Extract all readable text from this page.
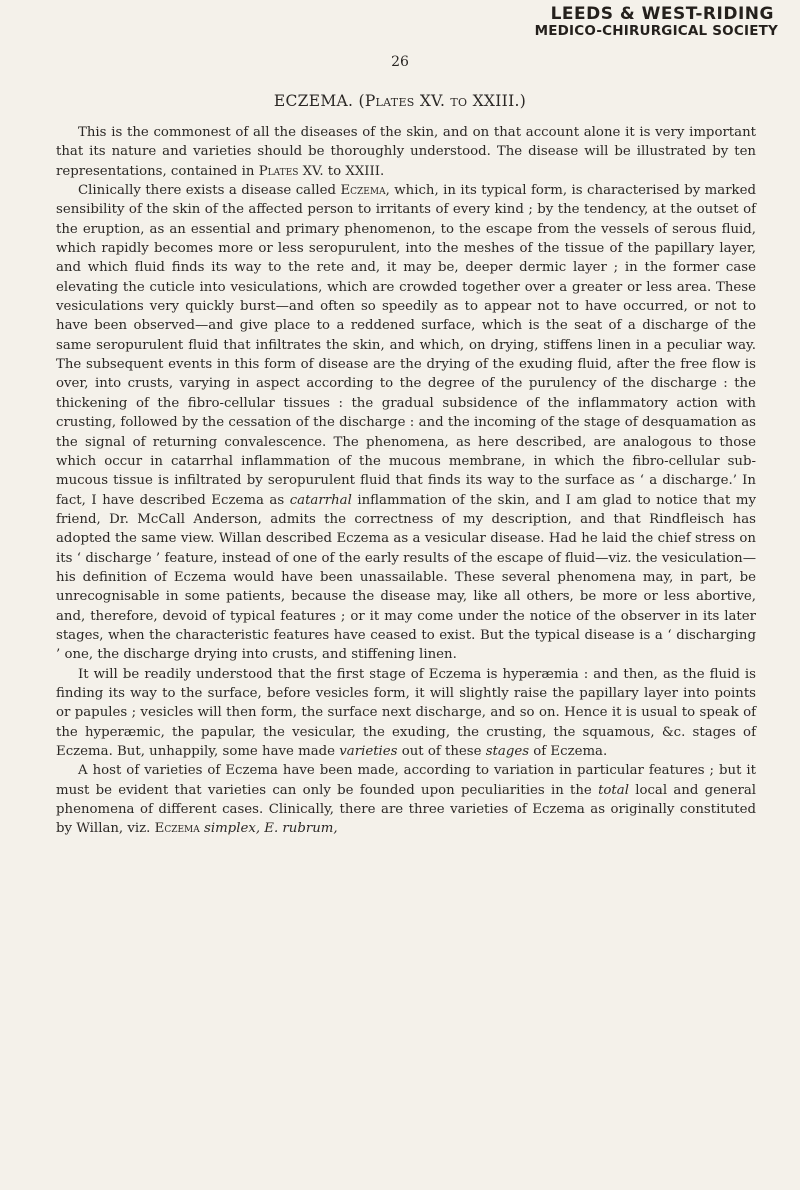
LEEDS & WEST-RIDING
MEDICO-CHIRURGICAL SOCIETY
26
ECZEMA. (Plates XV. to XXIII.)

This is the commonest of all the diseases of the skin, and on that account alone it is very important that its nature and varieties should be thoroughly understood. The disease will be illustrated by ten representations, contained in Plates XV. to XXIII.

Clinically there exists a disease called Eczema, which, in its typical form, is characterised by marked sensibility of the skin of the affected person to irritants of every kind ; by the tendency, at the outset of the eruption, as an essential and primary phenomenon, to the escape from the vessels of serous fluid, which rapidly becomes more or less seropurulent, into the meshes of the tissue of the papillary layer, and which fluid finds its way to the rete and, it may be, deeper dermic layer ; in the former case elevating the cuticle into vesiculations, which are crowded together over a greater or less area. These vesiculations very quickly burst—and often so speedily as to appear not to have occurred, or not to have been observed—and give place to a reddened surface, which is the seat of a discharge of the same seropurulent fluid that infiltrates the skin, and which, on drying, stiffens linen in a peculiar way. The subsequent events in this form of disease are the drying of the exuding fluid, after the free flow is over, into crusts, varying in aspect according to the degree of the purulency of the discharge : the thickening of the fibro-cellular tissues : the gradual subsidence of the inflammatory action with crusting, followed by the cessation of the discharge : and the incoming of the stage of desquamation as the signal of returning convalescence. The phenomena, as here described, are analogous to those which occur in catarrhal inflammation of the mucous membrane, in which the fibro-cellular sub-mucous tissue is infiltrated by seropurulent fluid that finds its way to the surface as ‘ a discharge.’ In fact, I have described Eczema as catarrhal inflammation of the skin, and I am glad to notice that my friend, Dr. McCall Anderson, admits the correctness of my description, and that Rindfleisch has adopted the same view. Willan described Eczema as a vesicular disease. Had he laid the chief stress on its ‘ discharge ’ feature, instead of one of the early results of the escape of fluid—viz. the vesiculation—his definition of Eczema would have been unassailable. These several phenomena may, in part, be unrecognisable in some patients, because the disease may, like all others, be more or less abortive, and, therefore, devoid of typical features ; or it may come under the notice of the observer in its later stages, when the characteristic features have ceased to exist. But the typical disease is a ‘ discharging ’ one, the discharge drying into crusts, and stiffening linen.

It will be readily understood that the first stage of Eczema is hyperæmia : and then, as the fluid is finding its way to the surface, before vesicles form, it will slightly raise the papillary layer into points or papules ; vesicles will then form, the surface next discharge, and so on. Hence it is usual to speak of the hyperæmic, the papular, the vesicular, the exuding, the crusting, the squamous, &c. stages of Eczema. But, unhappily, some have made varieties out of these stages of Eczema.

A host of varieties of Eczema have been made, according to variation in particular features ; but it must be evident that varieties can only be founded upon peculiarities in the total local and general phenomena of different cases. Clinically, there are three varieties of Eczema as originally constituted by Willan, viz. Eczema simplex, E. rubrum,
